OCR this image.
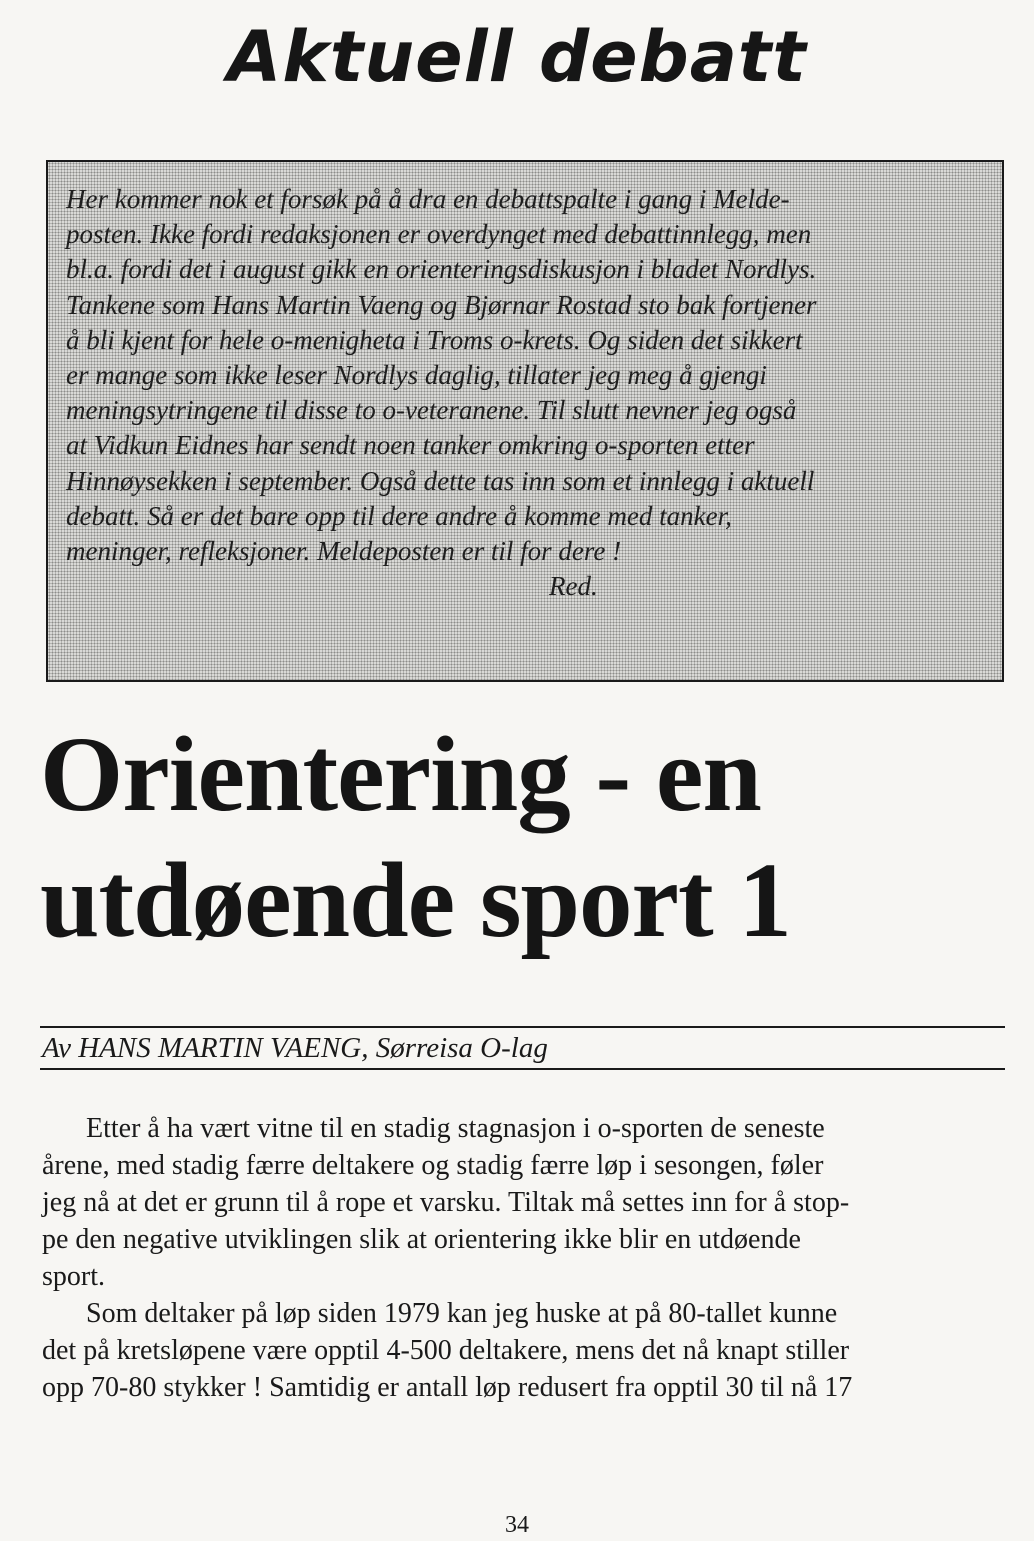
Aktuell debatt
Her kommer nok et forsøk på å dra en debattspalte i gang i Melde-
posten. Ikke fordi redaksjonen er overdynget med debattinnlegg, men
bl.a. fordi det i august gikk en orienteringsdiskusjon i bladet Nordlys.
Tankene som Hans Martin Vaeng og Bjørnar Rostad sto bak fortjener
å bli kjent for hele o-menigheta i Troms o-krets. Og siden det sikkert
er mange som ikke leser Nordlys daglig, tillater jeg meg å gjengi
meningsytringene til disse to o-veteranene. Til slutt nevner jeg også
at Vidkun Eidnes har sendt noen tanker omkring o-sporten etter
Hinnøysekken i september. Også dette tas inn som et innlegg i aktuell
debatt. Så er det bare opp til dere andre å komme med tanker,
meninger, refleksjoner. Meldeposten er til for dere !
Red.
Orientering - en
utdøende sport 1
Av HANS MARTIN VAENG, Sørreisa O-lag
Etter å ha vært vitne til en stadig stagnasjon i o-sporten de seneste
årene, med stadig færre deltakere og stadig færre løp i sesongen, føler
jeg nå at det er grunn til å rope et varsku. Tiltak må settes inn for å stop-
pe den negative utviklingen slik at orientering ikke blir en utdøende
sport.
Som deltaker på løp siden 1979 kan jeg huske at på 80-tallet kunne
det på kretsløpene være opptil 4-500 deltakere, mens det nå knapt stiller
opp 70-80 stykker ! Samtidig er antall løp redusert fra opptil 30 til nå 17
34
